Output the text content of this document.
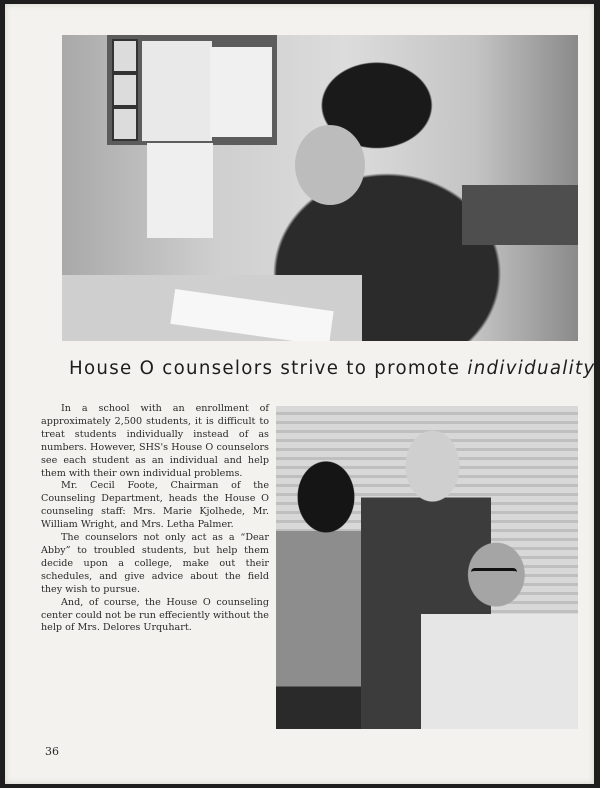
House O counselors strive to promote individuality

In a school with an enrollment of approximately 2,500 students, it is difficult to treat students individually instead of as numbers. However, SHS's House O counselors see each student as an individual and help them with their own individual problems.

Mr. Cecil Foote, Chairman of the Counseling Department, heads the House O counseling staff: Mrs. Marie Kjolhede, Mr. William Wright, and Mrs. Letha Palmer.

The counselors not only act as a “Dear Abby” to troubled students, but help them decide upon a college, make out their schedules, and give advice about the field they wish to pursue.

And, of course, the House O counseling center could not be run effeciently without the help of Mrs. Delores Urquhart.

36
